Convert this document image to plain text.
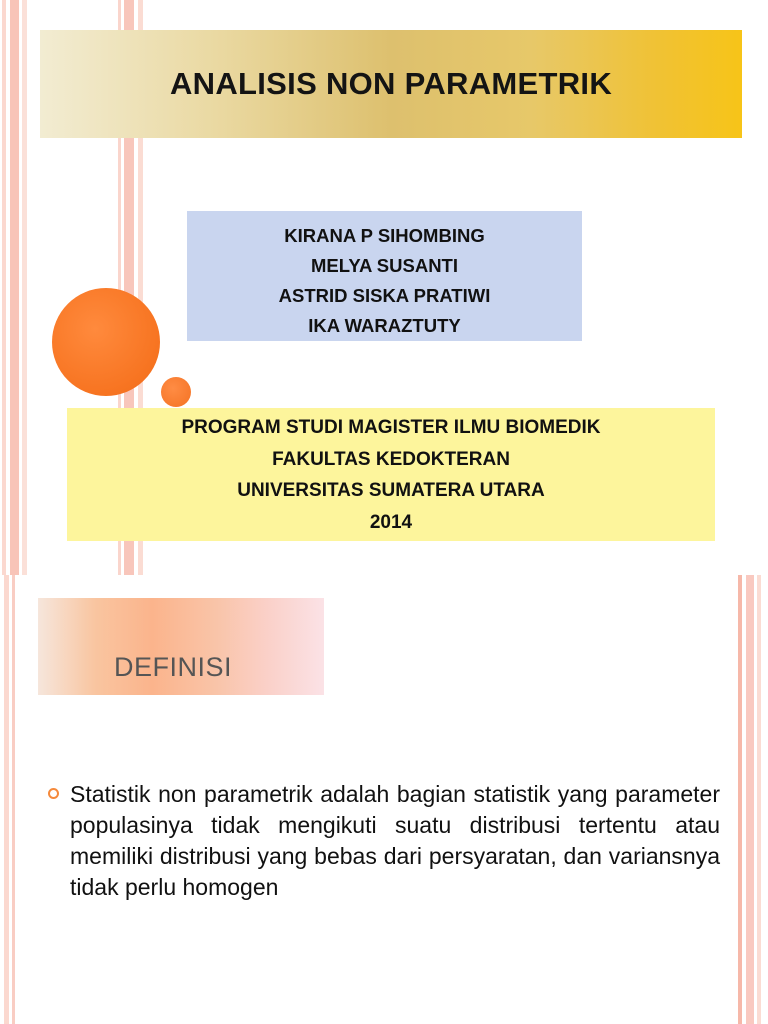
ANALISIS NON PARAMETRIK
KIRANA P SIHOMBING
MELYA SUSANTI
ASTRID SISKA PRATIWI
IKA WARAZTUTY
PROGRAM STUDI MAGISTER ILMU BIOMEDIK
FAKULTAS KEDOKTERAN
UNIVERSITAS SUMATERA UTARA
2014
DEFINISI
Statistik non parametrik adalah bagian statistik yang parameter populasinya tidak mengikuti suatu distribusi tertentu atau memiliki distribusi yang bebas dari persyaratan, dan variansnya tidak perlu homogen
